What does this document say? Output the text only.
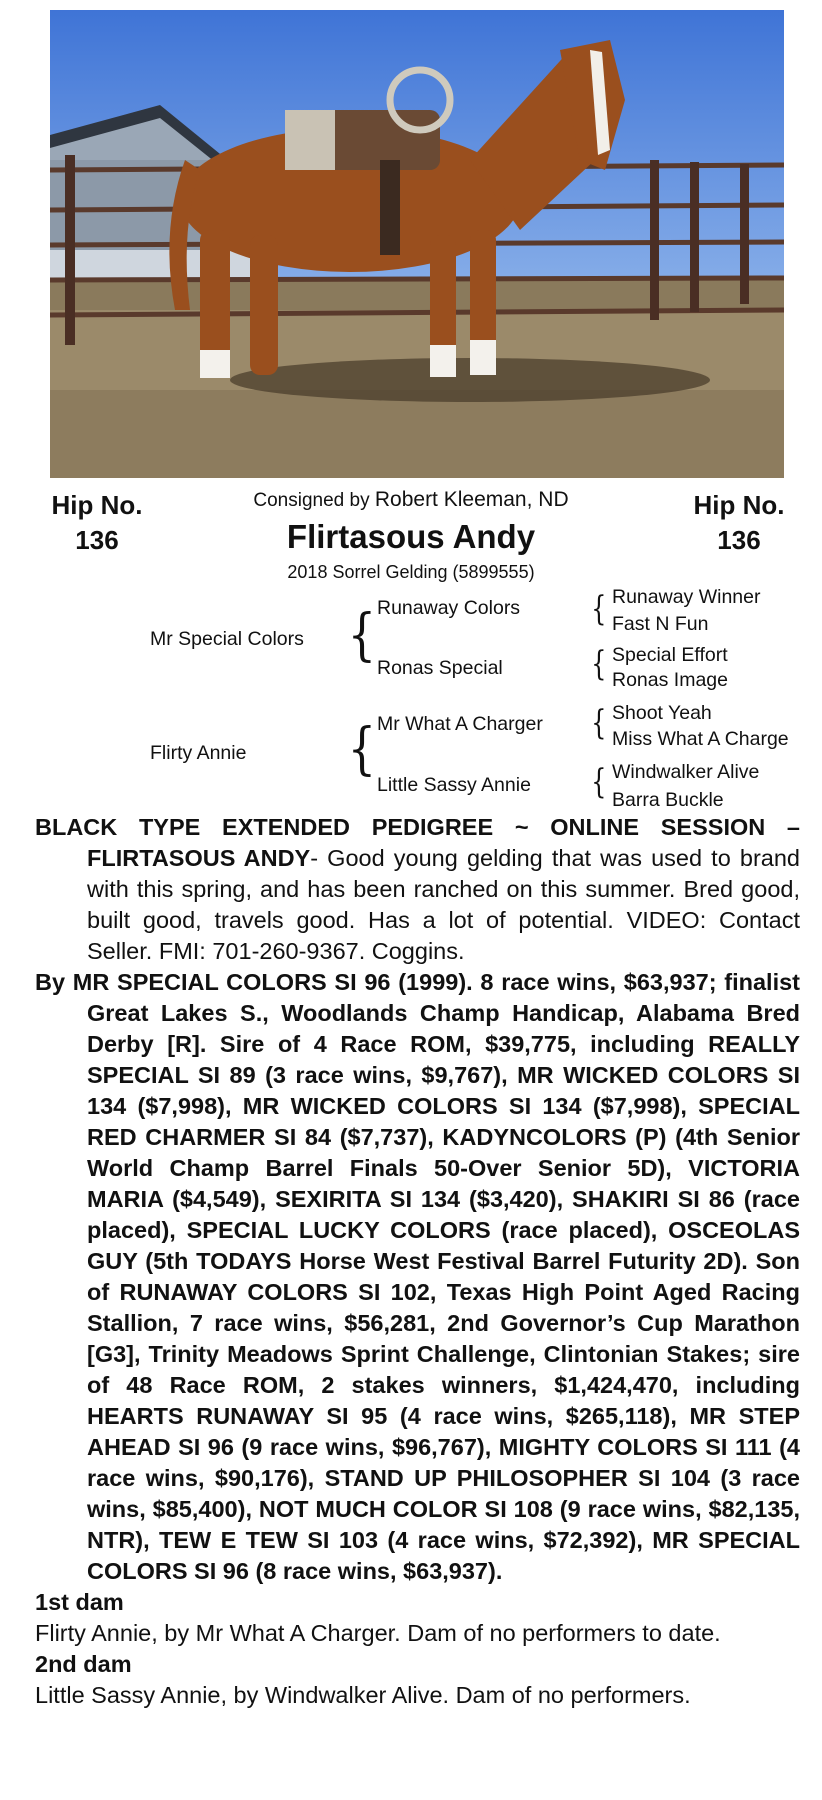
Hip No.
136
Hip No.
136
Consigned by Robert Kleeman, ND
Flirtasous Andy
2018 Sorrel Gelding (5899555)
Mr Special Colors { Runaway Colors
Ronas Special
{ Runaway Winner
Fast N Fun
{ Special Effort
Ronas Image
Flirty Annie { Mr What A Charger
Little Sassy Annie
{ Shoot Yeah
Miss What A Charge
{ Windwalker Alive
Barra Buckle

BLACK TYPE EXTENDED PEDIGREE ~ ONLINE SESSION – FLIRTASOUS ANDY- Good young gelding that was used to brand with this spring, and has been ranched on this summer. Bred good, built good, travels good. Has a lot of potential. VIDEO: Contact Seller. FMI: 701-260-9367. Coggins.

By MR SPECIAL COLORS SI 96 (1999). 8 race wins, $63,937; finalist Great Lakes S., Woodlands Champ Handicap, Alabama Bred Derby [R]. Sire of 4 Race ROM, $39,775, including REALLY SPECIAL SI 89 (3 race wins, $9,767), MR WICKED COLORS SI 134 ($7,998), MR WICKED COLORS SI 134 ($7,998), SPECIAL RED CHARMER SI 84 ($7,737), KADYNCOLORS (P) (4th Senior World Champ Barrel Finals 50-Over Senior 5D), VICTORIA MARIA ($4,549), SEXIRITA SI 134 ($3,420), SHAKIRI SI 86 (race placed), SPECIAL LUCKY COLORS (race placed), OSCEOLAS GUY (5th TODAYS Horse West Festival Barrel Futurity 2D). Son of RUNAWAY COLORS SI 102, Texas High Point Aged Racing Stallion, 7 race wins, $56,281, 2nd Governor’s Cup Marathon [G3], Trinity Meadows Sprint Challenge, Clintonian Stakes; sire of 48 Race ROM, 2 stakes winners, $1,424,470, including HEARTS RUNAWAY SI 95 (4 race wins, $265,118), MR STEP AHEAD SI 96 (9 race wins, $96,767), MIGHTY COLORS SI 111 (4 race wins, $90,176), STAND UP PHILOSOPHER SI 104 (3 race wins, $85,400), NOT MUCH COLOR SI 108 (9 race wins, $82,135, NTR), TEW E TEW SI 103 (4 race wins, $72,392), MR SPECIAL COLORS SI 96 (8 race wins, $63,937).

1st dam

Flirty Annie, by Mr What A Charger. Dam of no performers to date.

2nd dam

Little Sassy Annie, by Windwalker Alive. Dam of no performers.
